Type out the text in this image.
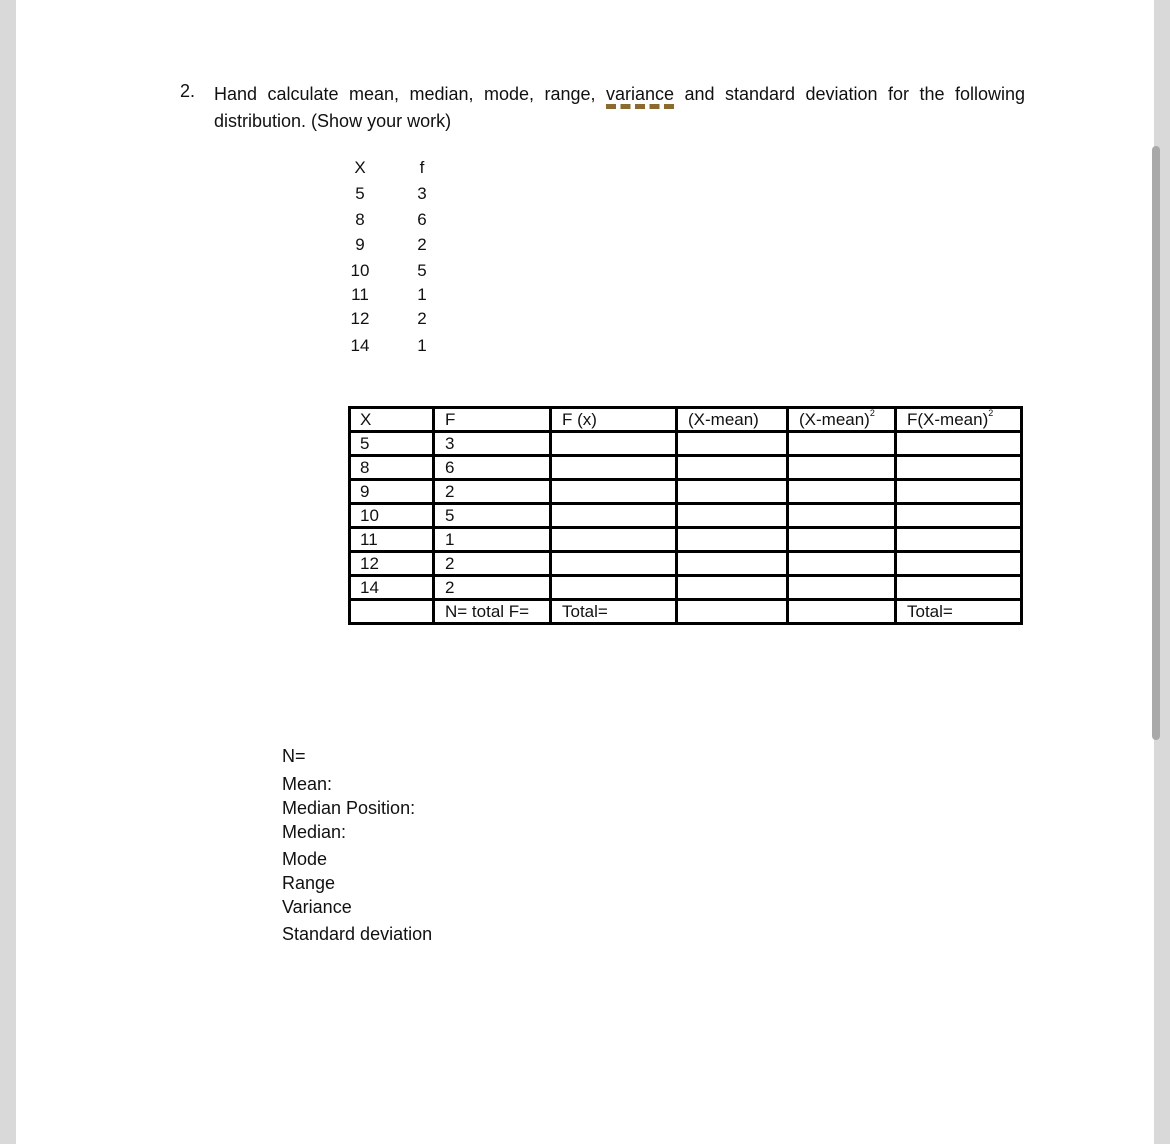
2. Hand calculate mean, median, mode, range, variance and standard deviation for the following distribution. (Show your work)
X	f
5	3
8	6
9	2
10	5
11	1
12	2
14	1
X	F	F (x)	(X-mean)	(X-mean)$^2$	F(X-mean)$^2$
5	3				
8	6				
9	2				
10	5				
11	1				
12	2				
14	2				
	N= total F=	Total=			Total=
N=
Mean:
Median Position:
Median:
Mode
Range
Variance
Standard deviation
